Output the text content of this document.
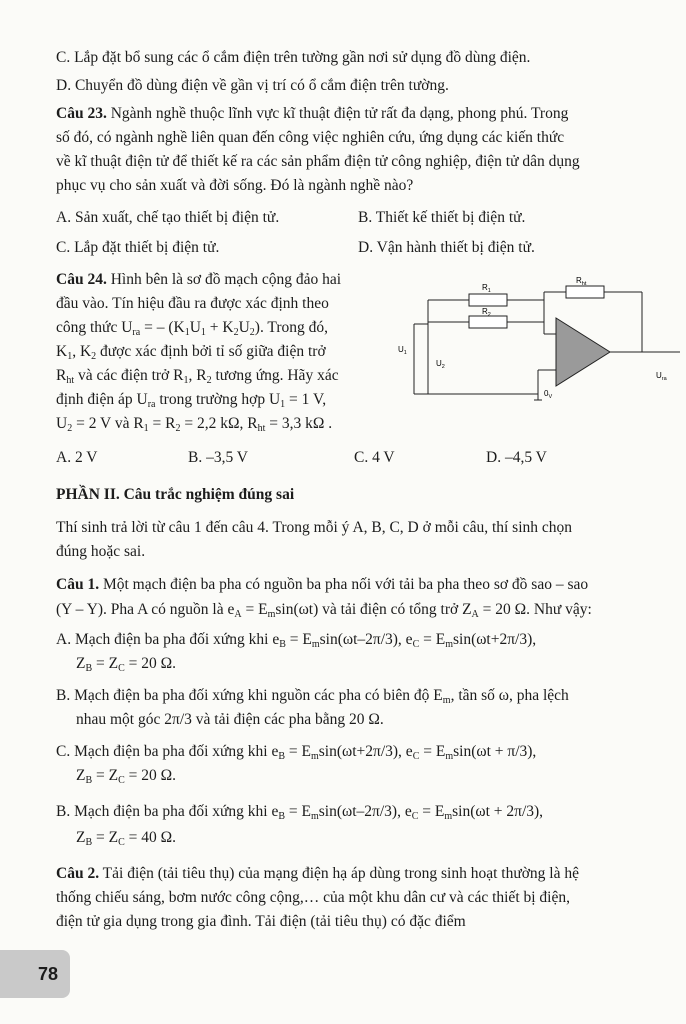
C. Lắp đặt bổ sung các ổ cắm điện trên tường gần nơi sử dụng đồ dùng điện.
D. Chuyển đồ dùng điện về gần vị trí có ổ cắm điện trên tường.
Câu 23. Ngành nghề thuộc lĩnh vực kĩ thuật điện tử rất đa dạng, phong phú. Trong
số đó, có ngành nghề liên quan đến công việc nghiên cứu, ứng dụng các kiến thức
về kĩ thuật điện tử để thiết kế ra các sản phẩm điện tử công nghiệp, điện tử dân dụng
phục vụ cho sản xuất và đời sống. Đó là ngành nghề nào?
A. Sản xuất, chế tạo thiết bị điện tử.	B. Thiết kế thiết bị điện tử.
C. Lắp đặt thiết bị điện tử.	D. Vận hành thiết bị điện tử.
Câu 24. Hình bên là sơ đồ mạch cộng đảo hai
đầu vào. Tín hiệu đầu ra được xác định theo
công thức $U_{ra}$ = – $(K_1U_1 + K_2U_2)$. Trong đó,
$K_1$, $K_2$ được xác định bởi tỉ số giữa điện trở
$R_{ht}$ và các điện trở $R_1$, $R_2$ tương ứng. Hãy xác
định điện áp $U_{ra}$ trong trường hợp $U_1 = 1$ V,
$U_2 = 2$ V và $R_1 = R_2 = 2,2$ kΩ, $R_{ht} = 3,3$ kΩ .
A. 2 V	B. –3,5 V	C. 4 V	D. –4,5 V
$R_1$
$R_2$
$R_{ht}$
$U_1$
$U_2$
$0_V$
$U_{ra}$
PHẦN II. Câu trắc nghiệm đúng sai
Thí sinh trả lời từ câu 1 đến câu 4. Trong mỗi ý A, B, C, D ở mỗi câu, thí sinh chọn
đúng hoặc sai.
Câu 1. Một mạch điện ba pha có nguồn ba pha nối với tải ba pha theo sơ đồ sao – sao
(Y – Y). Pha A có nguồn là $e_A = E_m\sin(\omega t)$ và tải điện có tổng trở $Z_A = 20$ Ω. Như vậy:
A. Mạch điện ba pha đối xứng khi $e_B = E_m\sin(\omega t-2\pi/3)$, $e_C = E_m\sin(\omega t+2\pi/3)$,
$Z_B = Z_C = 20$ Ω.
B. Mạch điện ba pha đối xứng khi nguồn các pha có biên độ $E_m$, tần số ω, pha lệch
nhau một góc 2π/3 và tải điện các pha bằng 20 Ω.
C. Mạch điện ba pha đối xứng khi $e_B = E_m\sin(\omega t+2\pi/3)$, $e_C = E_m\sin(\omega t + \pi/3)$,
$Z_B = Z_C = 20$ Ω.
B. Mạch điện ba pha đối xứng khi $e_B = E_m\sin(\omega t-2\pi/3)$, $e_C = E_m\sin(\omega t + 2\pi/3)$,
$Z_B = Z_C = 40$ Ω.
Câu 2. Tải điện (tải tiêu thụ) của mạng điện hạ áp dùng trong sinh hoạt thường là hệ
thống chiếu sáng, bơm nước công cộng,… của một khu dân cư và các thiết bị điện,
điện tử gia dụng trong gia đình. Tải điện (tải tiêu thụ) có đặc điểm
78
